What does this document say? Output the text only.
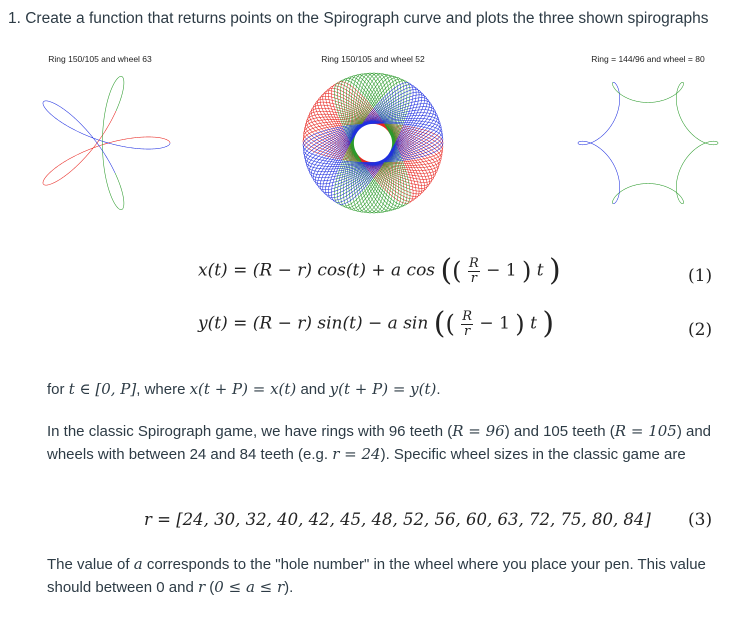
1. Create a function that returns points on the Spirograph curve and plots the three shown spirographs
Ring 150/105 and wheel 63	Ring 150/105 and wheel 52	Ring = 144/96 and wheel = 80
x(t) = (R − r) cos(t) + a cos (( $\frac{R}{r} - 1$ ) t )	(1)
y(t) = (R − r) sin(t) − a sin (( $\frac{R}{r} - 1$ ) t )	(2)
for t ∈ [0, P], where x(t + P) = x(t) and y(t + P) = y(t).
In the classic Spirograph game, we have rings with 96 teeth (R = 96) and 105 teeth (R = 105) and wheels with between 24 and 84 teeth (e.g. r = 24). Specific wheel sizes in the classic game are
r = [24, 30, 32, 40, 42, 45, 48, 52, 56, 60, 63, 72, 75, 80, 84] (3)
The value of a corresponds to the "hole number" in the wheel where you place your pen. This value should between 0 and r (0 ≤ a ≤ r).
